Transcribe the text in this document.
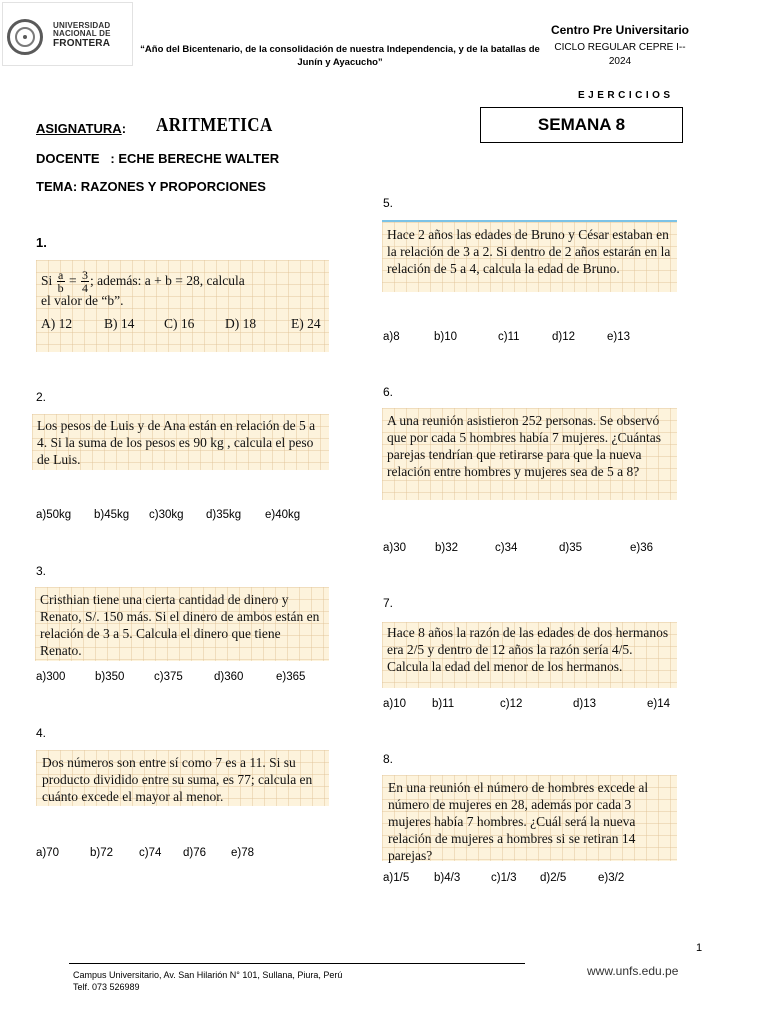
UNIVERSIDAD
NACIONAL DE
FRONTERA
“Año del Bicentenario, de la consolidación de nuestra Independencia, y de la batallas de Junín y Ayacucho”
Centro Pre Universitario
CICLO REGULAR CEPRE I--
2024
EJERCICIOS
SEMANA 8
ASIGNATURA: ARITMETICA
DOCENTE   : ECHE BERECHE WALTER
TEMA: RAZONES Y PROPORCIONES
1.
Si $\frac{a}{b} = \frac{3}{4}$ ; además: a + b = 28, calcula
el valor de “b”.
A) 12 B) 14 C) 16 D) 18	E) 24
2.
Los pesos de Luis y de Ana están en relación de 5 a 4. Si la suma de los pesos es 90 kg , calcula el peso de Luis.
a)50kg b)45kg c)30kg d)35kg e)40kg
3.
Cristhian tiene una cierta cantidad de dinero y Renato, S/. 150 más. Si el dinero de ambos están en relación de 3 a 5. Calcula el dinero que tiene Renato.
a)300	b)350	c)375	d)360	e)365
4.
Dos números son entre sí como 7 es a 11. Si su producto dividido entre su suma, es 77; calcula en cuánto excede el mayor al menor.
a)70	b)72 c)74 d)76 e)78
5.
Hace 2 años las edades de Bruno y César estaban en la relación de 3 a 2. Si dentro de 2 años estarán en la relación de 5 a 4, calcula la edad de Bruno.
a)8	b)10	c)11	d)12	e)13
6.
A una reunión asistieron 252 personas. Se observó que por cada 5 hombres había 7 mujeres. ¿Cuántas parejas tendrían que retirarse para que la nueva relación entre hombres y mujeres sea de 5 a 8?
a)30	b)32	c)34	d)35	e)36
7.
Hace 8 años la razón de las edades de dos hermanos era 2/5 y dentro de 12 años la razón sería 4/5. Calcula la edad del menor de los hermanos.
a)10 b)11	c)12	d)13	e)14
8.
En una reunión el número de hombres excede al número de mujeres en 28, además por cada 3 mujeres había 7 hombres. ¿Cuál será la nueva relación de mujeres a hombres si se retiran 14 parejas?
a)1/5 b)4/3	c)1/3 d)2/5	e)3/2
1
Campus Universitario, Av. San Hilarión N° 101, Sullana, Piura, Perú
Telf. 073 526989
www.unfs.edu.pe
